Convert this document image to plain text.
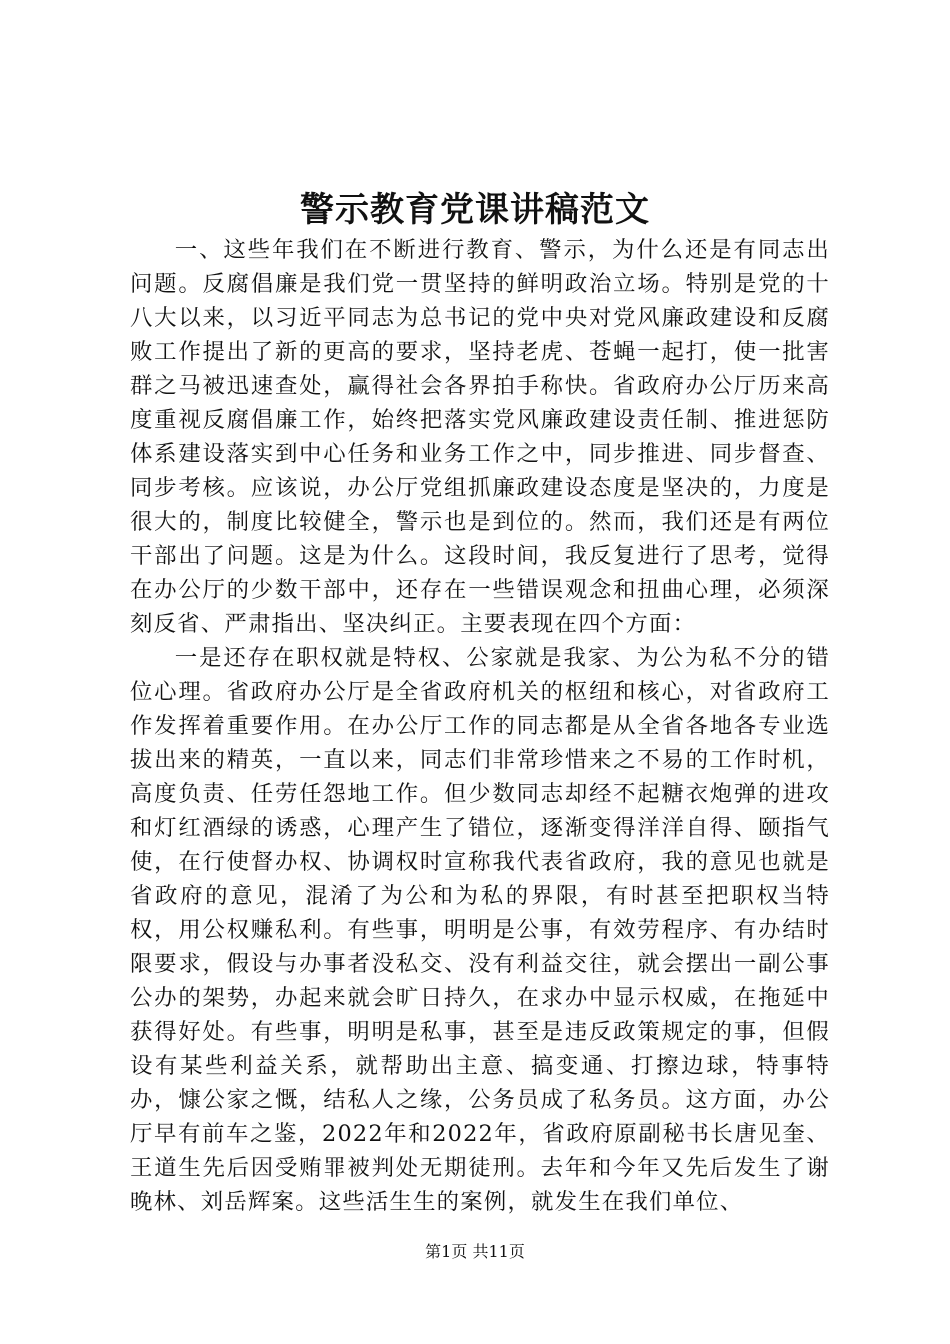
警示教育党课讲稿范文

一、这些年我们在不断进行教育、警示，为什么还是有同志出问题。反腐倡廉是我们党一贯坚持的鲜明政治立场。特别是党的十八大以来，以习近平同志为总书记的党中央对党风廉政建设和反腐败工作提出了新的更高的要求，坚持老虎、苍蝇一起打，使一批害群之马被迅速查处，赢得社会各界拍手称快。省政府办公厅历来高度重视反腐倡廉工作，始终把落实党风廉政建设责任制、推进惩防体系建设落实到中心任务和业务工作之中，同步推进、同步督查、同步考核。应该说，办公厅党组抓廉政建设态度是坚决的，力度是很大的，制度比较健全，警示也是到位的。然而，我们还是有两位干部出了问题。这是为什么。这段时间，我反复进行了思考，觉得在办公厅的少数干部中，还存在一些错误观念和扭曲心理，必须深刻反省、严肃指出、坚决纠正。主要表现在四个方面：

一是还存在职权就是特权、公家就是我家、为公为私不分的错位心理。省政府办公厅是全省政府机关的枢纽和核心，对省政府工作发挥着重要作用。在办公厅工作的同志都是从全省各地各专业选拔出来的精英，一直以来，同志们非常珍惜来之不易的工作时机，高度负责、任劳任怨地工作。但少数同志却经不起糖衣炮弹的进攻和灯红酒绿的诱惑，心理产生了错位，逐渐变得洋洋自得、颐指气使，在行使督办权、协调权时宣称我代表省政府，我的意见也就是省政府的意见，混淆了为公和为私的界限，有时甚至把职权当特权，用公权赚私利。有些事，明明是公事，有效劳程序、有办结时限要求，假设与办事者没私交、没有利益交往，就会摆出一副公事公办的架势，办起来就会旷日持久，在求办中显示权威，在拖延中获得好处。有些事，明明是私事，甚至是违反政策规定的事，但假设有某些利益关系，就帮助出主意、搞变通、打擦边球，特事特办，慷公家之慨，结私人之缘，公务员成了私务员。这方面，办公厅早有前车之鉴，2022年和2022年，省政府原副秘书长唐见奎、王道生先后因受贿罪被判处无期徒刑。去年和今年又先后发生了谢晚林、刘岳辉案。这些活生生的案例，就发生在我们单位、

第1页 共11页
